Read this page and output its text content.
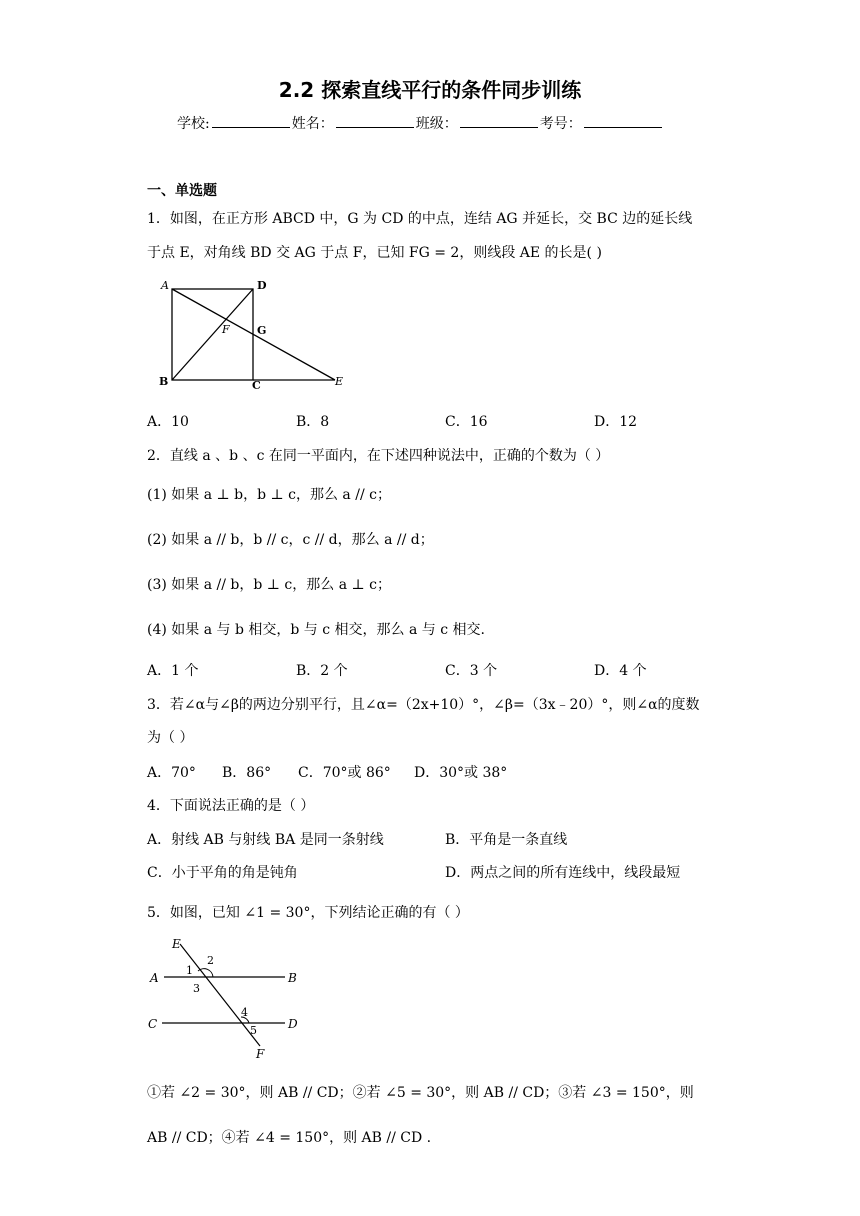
2.2 探索直线平行的条件同步训练
学校:	姓名：	班级：	考号：
一、单选题
1．如图，在正方形 ABCD 中，G 为 CD 的中点，连结 AG 并延长，交 BC 边的延长线
于点 E，对角线 BD 交 AG 于点 F，已知 FG = 2，则线段 AE 的长是( )
A	D
B	C	E
F G
A．10	B．8	C．16	D．12
2．直线 a 、b 、c 在同一平面内，在下述四种说法中，正确的个数为（ ）
(1) 如果 a ⊥ b，b ⊥ c，那么 a // c；
(2) 如果 a // b，b // c，c // d，那么 a // d；
(3) 如果 a // b，b ⊥ c，那么 a ⊥ c；
(4) 如果 a 与 b 相交，b 与 c 相交，那么 a 与 c 相交.
A．1 个	B．2 个	C．3 个	D．4 个
3．若∠α与∠β的两边分别平行，且∠α=（2x+10）°，∠β=（3x﹣20）°，则∠α的度数
为（ ）
A．70° B．86° C．70°或 86° D．30°或 38°
4．下面说法正确的是（ ）
A．射线 AB 与射线 BA 是同一条射线	B．平角是一条直线
C．小于平角的角是钝角	D．两点之间的所有连线中，线段最短
5．如图，已知 ∠1 = 30°，下列结论正确的有（ ）
E
A	B
C	D
F
1
2
3
4
5
①若 ∠2 = 30°，则 AB // CD；②若 ∠5 = 30°，则 AB // CD；③若 ∠3 = 150°，则
AB // CD；④若 ∠4 = 150°，则 AB // CD .
